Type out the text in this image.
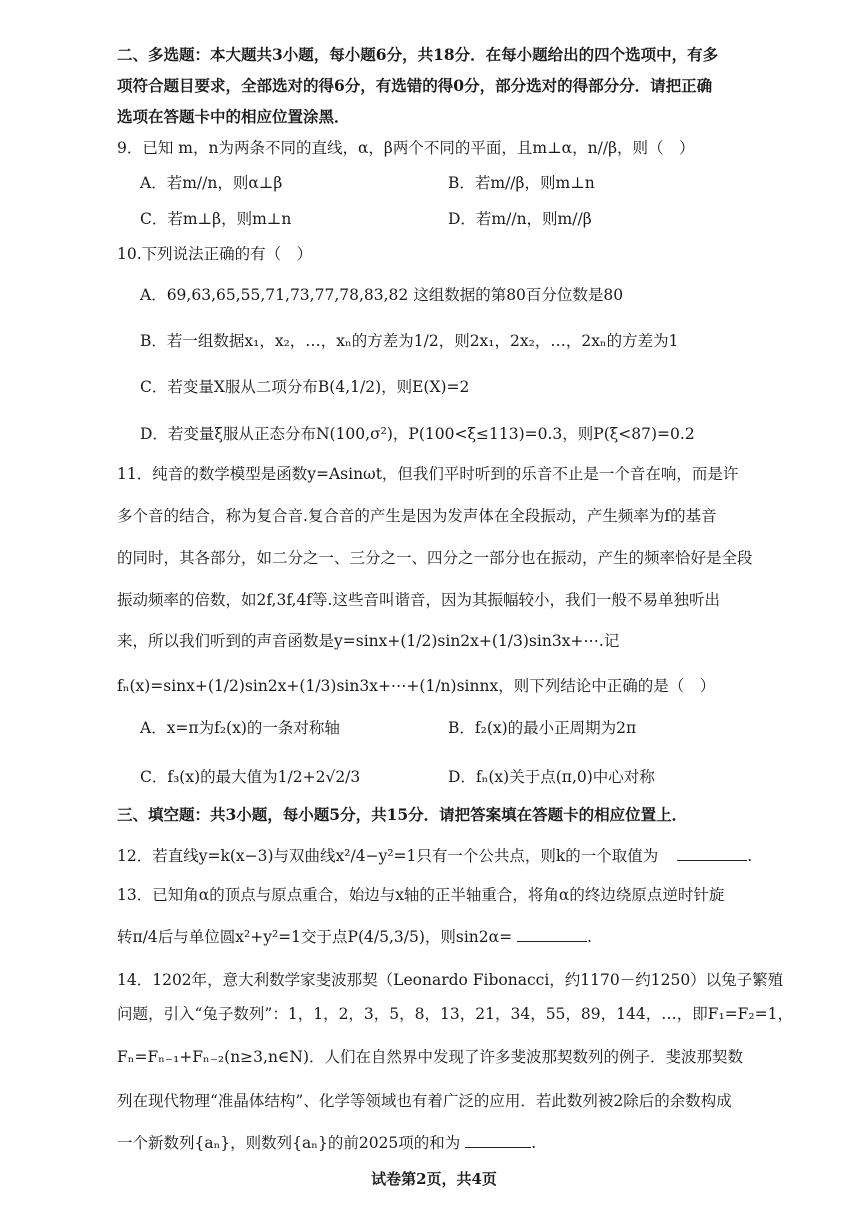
二、多选题：本大题共3小题，每小题6分，共18分．在每小题给出的四个选项中，有多
项符合题目要求，全部选对的得6分，有选错的得0分，部分选对的得部分分．请把正确
选项在答题卡中的相应位置涂黑．
9．已知 m，n为两条不同的直线，α，β两个不同的平面，且m⊥α，n//β，则（　）
A．若m//n，则α⊥β	B．若m//β，则m⊥n
C．若m⊥β，则m⊥n	D．若m//n，则m//β
10.下列说法正确的有（　）
A．69,63,65,55,71,73,77,78,83,82 这组数据的第80百分位数是80
B．若一组数据x₁，x₂，…，xₙ的方差为1/2，则2x₁，2x₂，…，2xₙ的方差为1
C．若变量X服从二项分布B(4,1/2)，则E(X)=2
D．若变量ξ服从正态分布N(100,σ²)，P(100<ξ≤113)=0.3，则P(ξ<87)=0.2
11．纯音的数学模型是函数y=Asinωt，但我们平时听到的乐音不止是一个音在响，而是许
多个音的结合，称为复合音.复合音的产生是因为发声体在全段振动，产生频率为f的基音
的同时，其各部分，如二分之一、三分之一、四分之一部分也在振动，产生的频率恰好是全段
振动频率的倍数，如2f,3f,4f等.这些音叫谐音，因为其振幅较小，我们一般不易单独听出
来，所以我们听到的声音函数是y=sinx+(1/2)sin2x+(1/3)sin3x+⋯.记
fₙ(x)=sinx+(1/2)sin2x+(1/3)sin3x+⋯+(1/n)sinnx，则下列结论中正确的是（　）
A．x=π为f₂(x)的一条对称轴	B．f₂(x)的最小正周期为2π
C．f₃(x)的最大值为1/2+2√2/3	D．fₙ(x)关于点(π,0)中心对称
三、填空题：共3小题，每小题5分，共15分．请把答案填在答题卡的相应位置上．
12．若直线y=k(x−3)与双曲线x²/4−y²=1只有一个公共点，则k的一个取值为	.
13．已知角α的顶点与原点重合，始边与x轴的正半轴重合，将角α的终边绕原点逆时针旋
转π/4后与单位圆x²+y²=1交于点P(4/5,3/5)，则sin2α=	.
14．1202年，意大利数学家斐波那契（Leonardo Fibonacci，约1170－约1250）以兔子繁殖
问题，引入“兔子数列”：1，1，2，3，5，8，13，21，34，55，89，144，…，即F₁=F₂=1，
Fₙ=Fₙ₋₁+Fₙ₋₂(n≥3,n∈N)．人们在自然界中发现了许多斐波那契数列的例子．斐波那契数
列在现代物理“准晶体结构”、化学等领域也有着广泛的应用．若此数列被2除后的余数构成
一个新数列{aₙ}，则数列{aₙ}的前2025项的和为	.
试卷第2页，共4页
